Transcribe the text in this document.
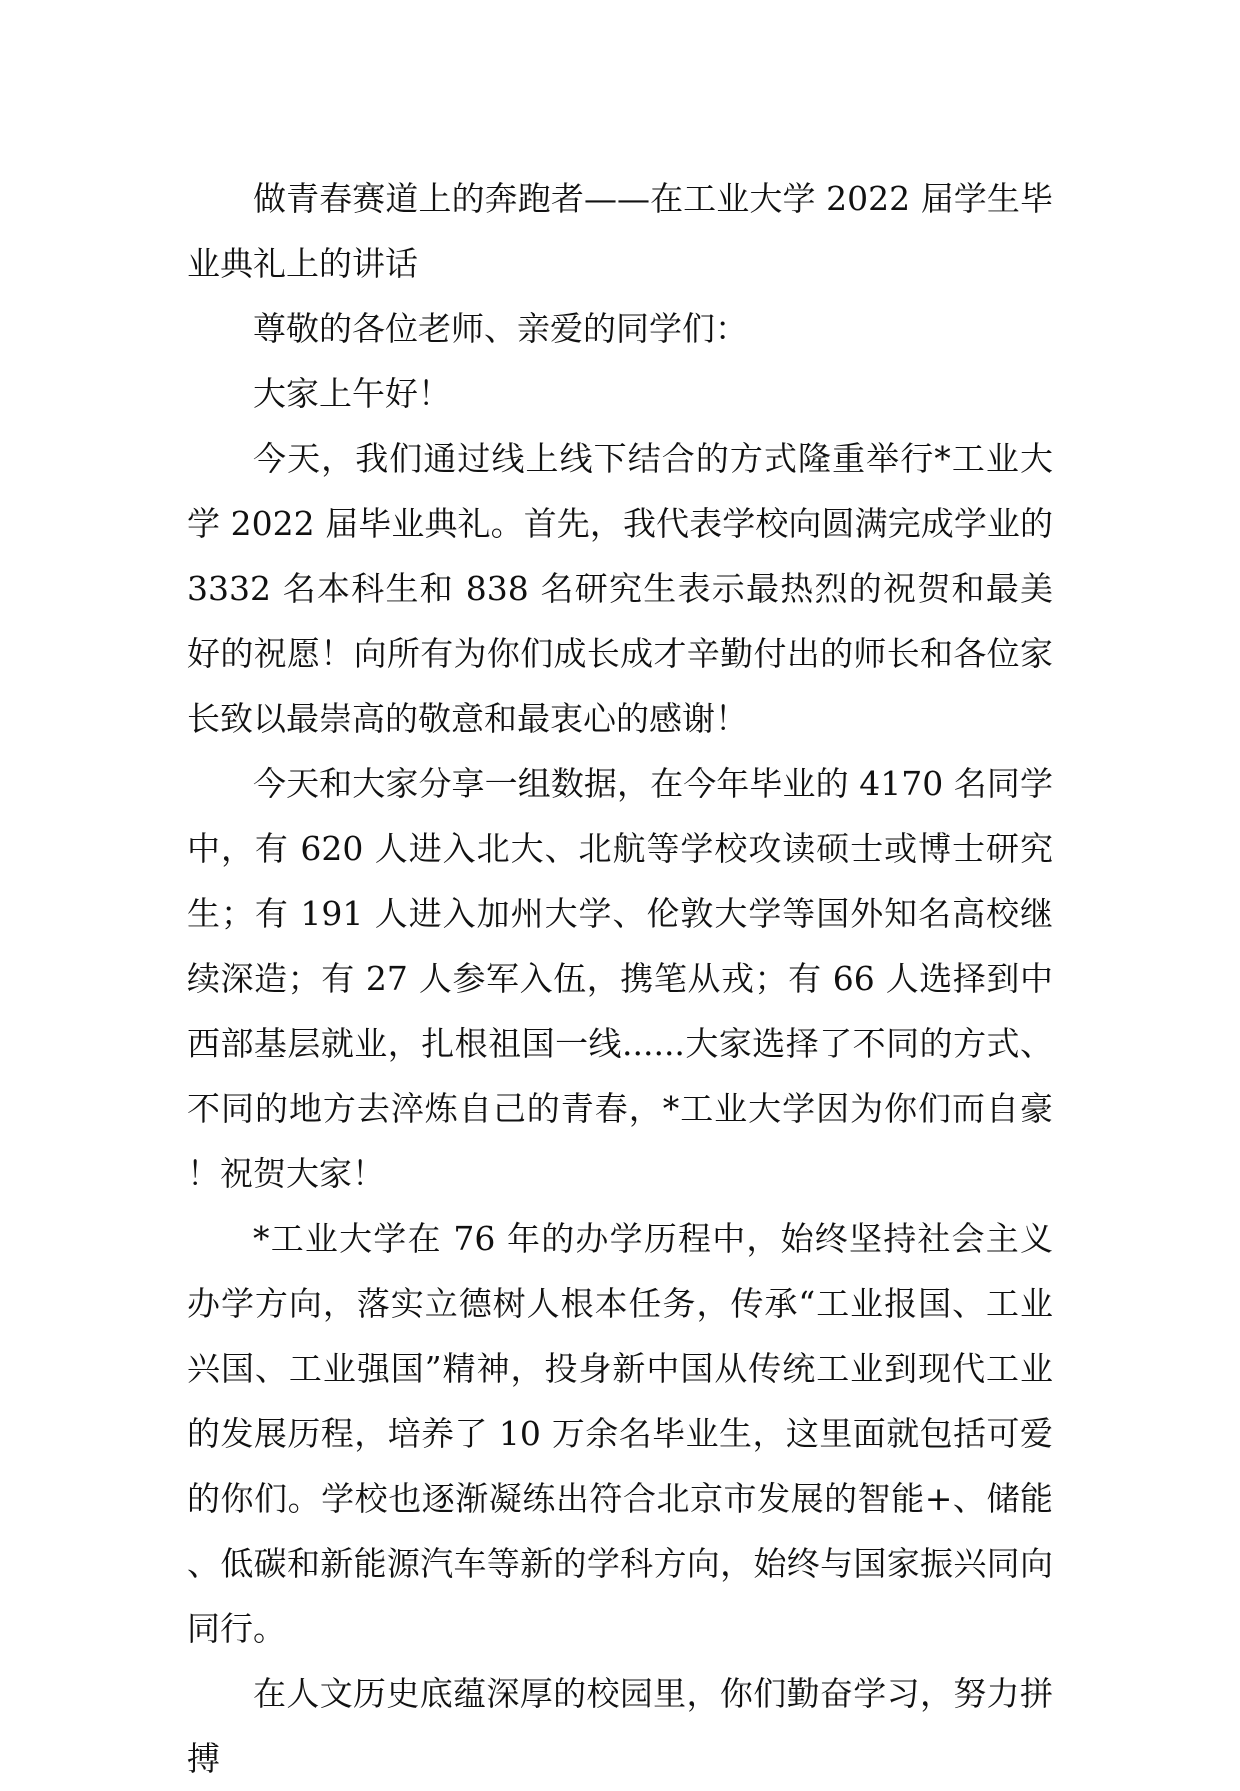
做青春赛道上的奔跑者——在工业大学 2022 届学生毕业典礼上的讲话

尊敬的各位老师、亲爱的同学们：

大家上午好！

今天，我们通过线上线下结合的方式隆重举行*工业大学 2022 届毕业典礼。首先，我代表学校向圆满完成学业的 3332 名本科生和 838 名研究生表示最热烈的祝贺和最美好的祝愿！向所有为你们成长成才辛勤付出的师长和各位家长致以最崇高的敬意和最衷心的感谢！

今天和大家分享一组数据，在今年毕业的 4170 名同学中，有 620 人进入北大、北航等学校攻读硕士或博士研究生；有 191 人进入加州大学、伦敦大学等国外知名高校继续深造；有 27 人参军入伍，携笔从戎；有 66 人选择到中西部基层就业，扎根祖国一线......大家选择了不同的方式、不同的地方去淬炼自己的青春，*工业大学因为你们而自豪！祝贺大家！

*工业大学在 76 年的办学历程中，始终坚持社会主义办学方向，落实立德树人根本任务，传承“工业报国、工业兴国、工业强国”精神，投身新中国从传统工业到现代工业的发展历程，培养了 10 万余名毕业生，这里面就包括可爱的你们。学校也逐渐凝练出符合北京市发展的智能+、储能、低碳和新能源汽车等新的学科方向，始终与国家振兴同向同行。

在人文历史底蕴深厚的校园里，你们勤奋学习，努力拼搏
